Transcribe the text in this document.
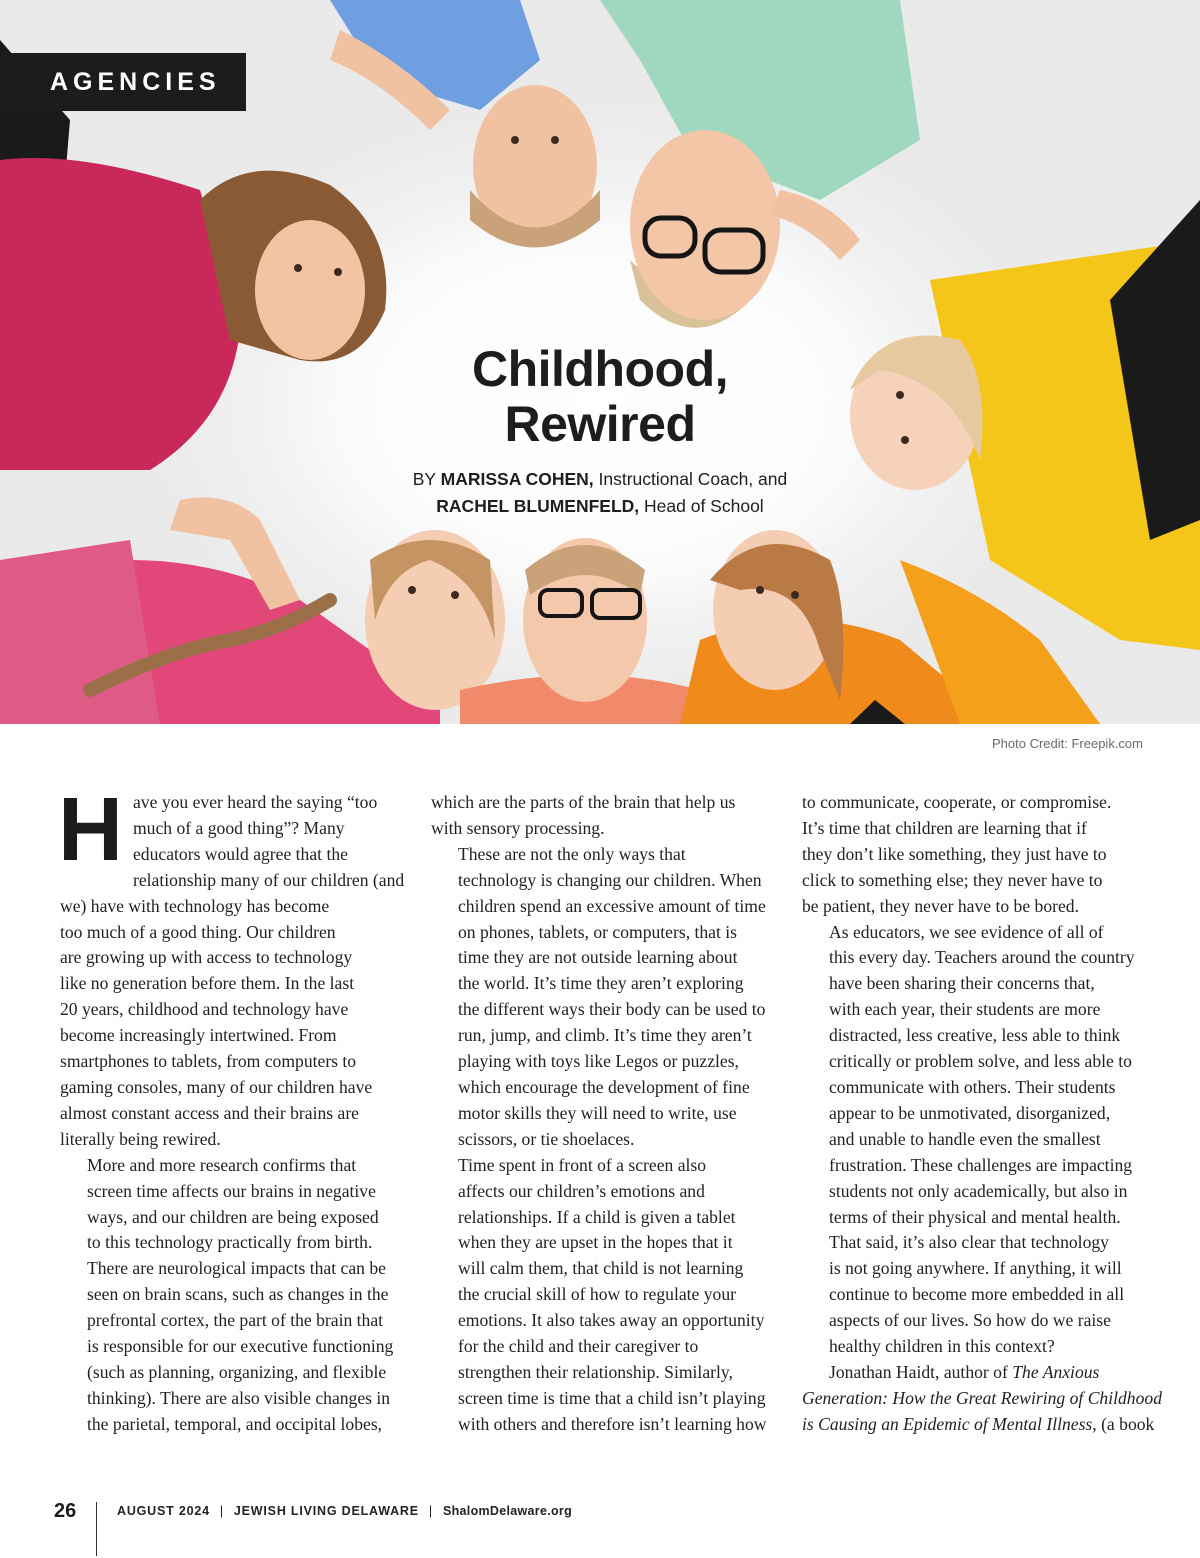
AGENCIES
Childhood,
Rewired
BY MARISSA COHEN, Instructional Coach, and
RACHEL BLUMENFELD, Head of School
Photo Credit: Freepik.com

H ave you ever heard the saying “too
much of a good thing”? Many
educators would agree that the
relationship many of our children (and
we) have with technology has become
too much of a good thing. Our children
are growing up with access to technology
like no generation before them. In the last
20 years, childhood and technology have
become increasingly intertwined. From
smartphones to tablets, from computers to
gaming consoles, many of our children have
almost constant access and their brains are
literally being rewired.

More and more research confirms that
screen time affects our brains in negative
ways, and our children are being exposed
to this technology practically from birth.
There are neurological impacts that can be
seen on brain scans, such as changes in the
prefrontal cortex, the part of the brain that
is responsible for our executive functioning
(such as planning, organizing, and flexible
thinking). There are also visible changes in
the parietal, temporal, and occipital lobes,

which are the parts of the brain that help us
with sensory processing.

These are not the only ways that
technology is changing our children. When
children spend an excessive amount of time
on phones, tablets, or computers, that is
time they are not outside learning about
the world. It’s time they aren’t exploring
the different ways their body can be used to
run, jump, and climb. It’s time they aren’t
playing with toys like Legos or puzzles,
which encourage the development of fine
motor skills they will need to write, use
scissors, or tie shoelaces.

Time spent in front of a screen also
affects our children’s emotions and
relationships. If a child is given a tablet
when they are upset in the hopes that it
will calm them, that child is not learning
the crucial skill of how to regulate your
emotions. It also takes away an opportunity
for the child and their caregiver to
strengthen their relationship. Similarly,
screen time is time that a child isn’t playing
with others and therefore isn’t learning how

to communicate, cooperate, or compromise.
It’s time that children are learning that if
they don’t like something, they just have to
click to something else; they never have to
be patient, they never have to be bored.

As educators, we see evidence of all of
this every day. Teachers around the country
have been sharing their concerns that,
with each year, their students are more
distracted, less creative, less able to think
critically or problem solve, and less able to
communicate with others. Their students
appear to be unmotivated, disorganized,
and unable to handle even the smallest
frustration. These challenges are impacting
students not only academically, but also in
terms of their physical and mental health.

That said, it’s also clear that technology
is not going anywhere. If anything, it will
continue to become more embedded in all
aspects of our lives. So how do we raise
healthy children in this context?

Jonathan Haidt, author of The Anxious
Generation: How the Great Rewiring of Childhood
is Causing an Epidemic of Mental Illness, (a book

26	AUGUST 2024 | JEWISH LIVING DELAWARE | ShalomDelaware.org
